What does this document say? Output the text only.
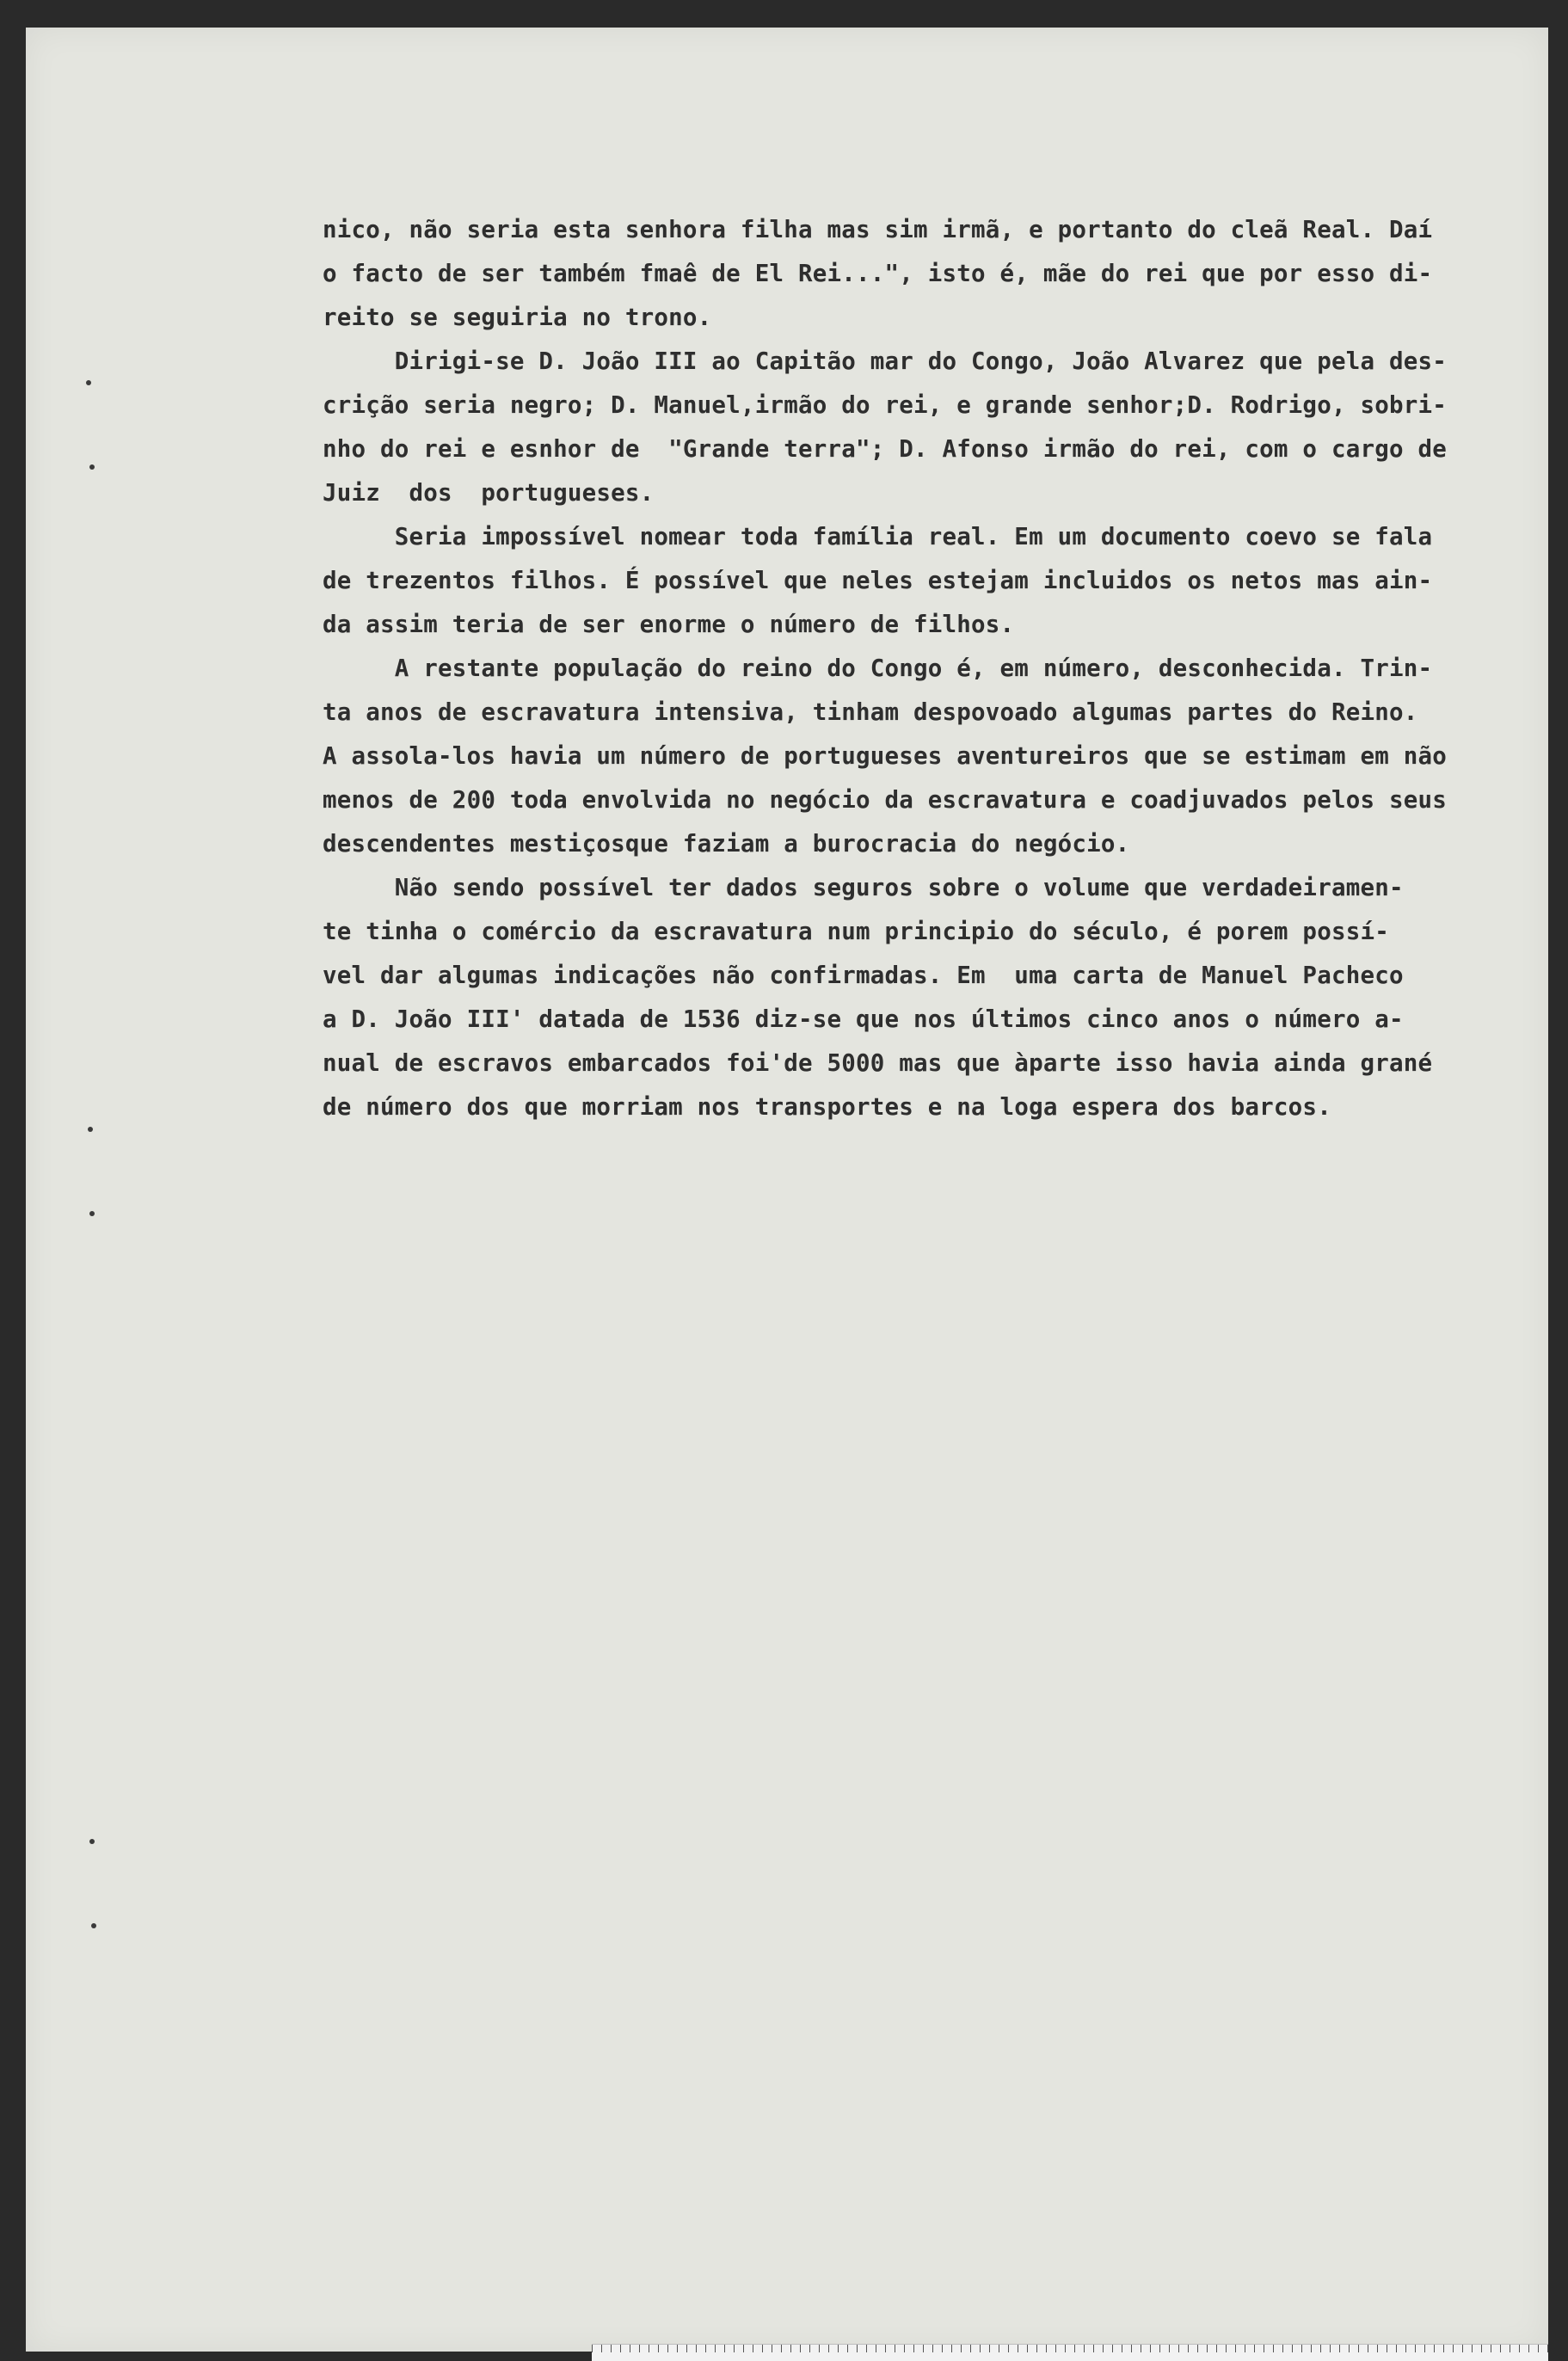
nico, não seria esta senhora filha mas sim irmã, e portanto do cleã Real. Daí
o facto de ser também fmaê de El Rei...", isto é, mãe do rei que por esso di-
reito se seguiria no trono.
Dirigi-se D. João III ao Capitão mar do Congo, João Alvarez que pela des-
crição seria negro; D. Manuel,irmão do rei, e grande senhor;D. Rodrigo, sobri-
nho do rei e esnhor de  "Grande terra"; D. Afonso irmão do rei, com o cargo de
Juiz  dos  portugueses.
Seria impossível nomear toda família real. Em um documento coevo se fala
de trezentos filhos. É possível que neles estejam incluidos os netos mas ain-
da assim teria de ser enorme o número de filhos.
A restante população do reino do Congo é, em número, desconhecida. Trin-
ta anos de escravatura intensiva, tinham despovoado algumas partes do Reino.
A assola-los havia um número de portugueses aventureiros que se estimam em não
menos de 200 toda envolvida no negócio da escravatura e coadjuvados pelos seus
descendentes mestiçosque faziam a burocracia do negócio.
Não sendo possível ter dados seguros sobre o volume que verdadeiramen-
te tinha o comércio da escravatura num principio do século, é porem possí-
vel dar algumas indicações não confirmadas. Em  uma carta de Manuel Pacheco
a D. João III' datada de 1536 diz-se que nos últimos cinco anos o número a-
nual de escravos embarcados foi'de 5000 mas que àparte isso havia ainda grané
de número dos que morriam nos transportes e na loga espera dos barcos.
